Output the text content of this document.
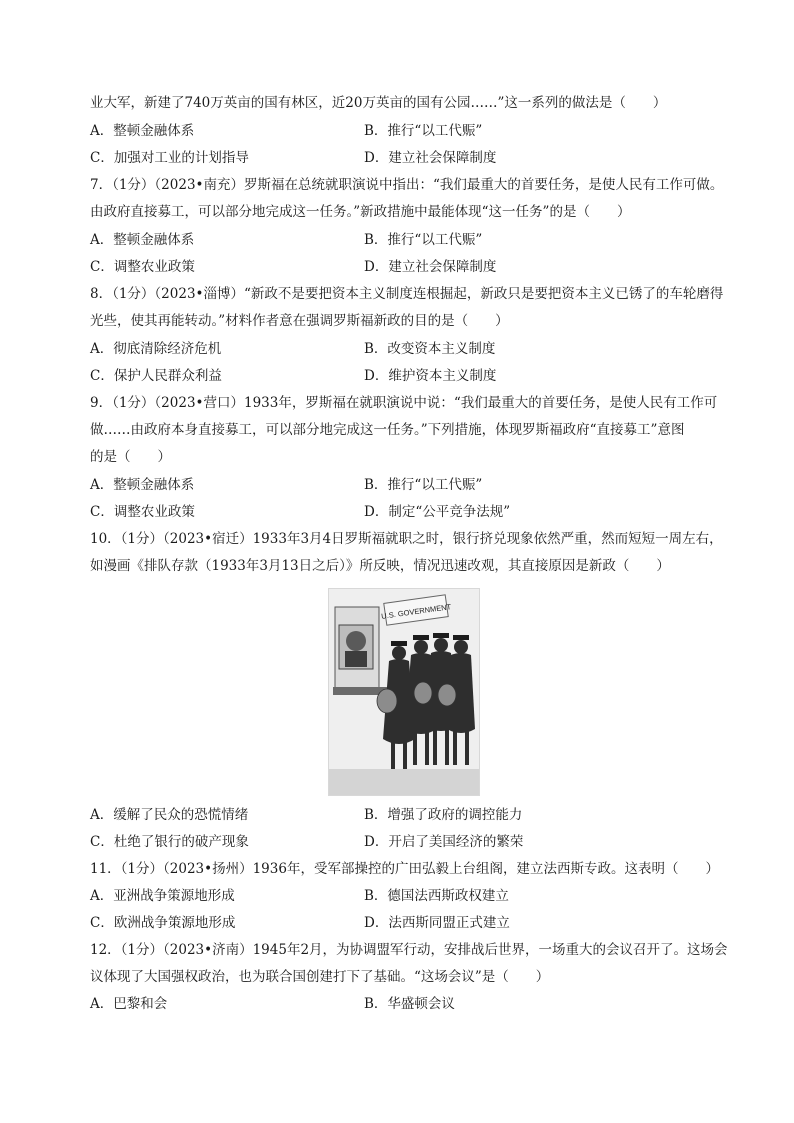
业大军，新建了740万英亩的国有林区，近20万英亩的国有公园……”这一系列的做法是（　　）
A．整顿金融体系	B．推行“以工代赈”
C．加强对工业的计划指导	D．建立社会保障制度
7．（1分）（2023•南充）罗斯福在总统就职演说中指出：“我们最重大的首要任务，是使人民有工作可做。
由政府直接募工，可以部分地完成这一任务。”新政措施中最能体现“这一任务”的是（　　）
A．整顿金融体系	B．推行“以工代赈”
C．调整农业政策	D．建立社会保障制度
8．（1分）（2023•淄博）“新政不是要把资本主义制度连根掘起，新政只是要把资本主义已锈了的车轮磨得
光些，使其再能转动。”材料作者意在强调罗斯福新政的目的是（　　）
A．彻底清除经济危机	B．改变资本主义制度
C．保护人民群众利益	D．维护资本主义制度
9．（1分）（2023•营口）1933年，罗斯福在就职演说中说：“我们最重大的首要任务，是使人民有工作可
做……由政府本身直接募工，可以部分地完成这一任务。”下列措施，体现罗斯福政府“直接募工”意图
的是（　　）
A．整顿金融体系	B．推行“以工代赈”
C．调整农业政策	D．制定“公平竞争法规”
10．（1分）（2023•宿迁）1933年3月4日罗斯福就职之时，银行挤兑现象依然严重，然而短短一周左右，
如漫画《排队存款（1933年3月13日之后）》所反映，情况迅速改观，其直接原因是新政（　　）
U.S. GOVERNMENT
A．缓解了民众的恐慌情绪	B．增强了政府的调控能力
C．杜绝了银行的破产现象	D．开启了美国经济的繁荣
11．（1分）（2023•扬州）1936年，受军部操控的广田弘毅上台组阁，建立法西斯专政。这表明（　　）
A．亚洲战争策源地形成	B．德国法西斯政权建立
C．欧洲战争策源地形成	D．法西斯同盟正式建立
12．（1分）（2023•济南）1945年2月，为协调盟军行动，安排战后世界，一场重大的会议召开了。这场会
议体现了大国强权政治，也为联合国创建打下了基础。“这场会议”是（　　）
A．巴黎和会	B．华盛顿会议
